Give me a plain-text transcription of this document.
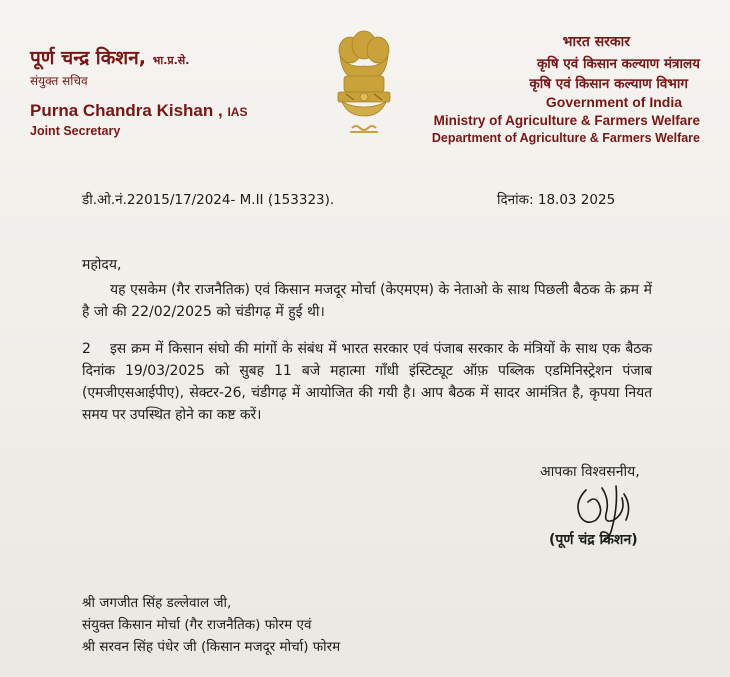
पूर्ण चन्द्र किशन, भा.प्र.से.
संयुक्त सचिव
Purna Chandra Kishan , IAS
Joint Secretary
भारत सरकार
कृषि एवं किसान कल्याण मंत्रालय
कृषि एवं किसान कल्याण विभाग
Government of India
Ministry of Agriculture & Farmers Welfare
Department of Agriculture & Farmers Welfare
डी.ओ.नं.22015/17/2024- M.II (153323).	दिनांक: 18.03 2025
महोदय,
यह एसकेम (गैर राजनैतिक) एवं किसान मजदूर मोर्चा (केएमएम) के नेताओ के साथ पिछली बैठक के क्रम में है जो की 22/02/2025 को चंडीगढ़ में हुई थी।
2 इस क्रम में किसान संघो की मांगों के संबंध में भारत सरकार एवं पंजाब सरकार के मंत्रियों के साथ एक बैठक दिनांक 19/03/2025 को सुबह 11 बजे महात्मा गाँधी इंस्टिट्यूट ऑफ़ पब्लिक एडमिनिस्ट्रेशन पंजाब (एमजीएसआईपीए), सेक्टर-26, चंडीगढ़ में आयोजित की गयी है। आप बैठक में सादर आमंत्रित है, कृपया नियत समय पर उपस्थित होने का कष्ट करें।
आपका विश्वसनीय,
(पूर्ण चंद्र किशन)
श्री जगजीत सिंह डल्लेवाल जी,
संयुक्त किसान मोर्चा (गैर राजनैतिक) फोरम एवं
श्री सरवन सिंह पंधेर जी (किसान मजदूर मोर्चा) फोरम
